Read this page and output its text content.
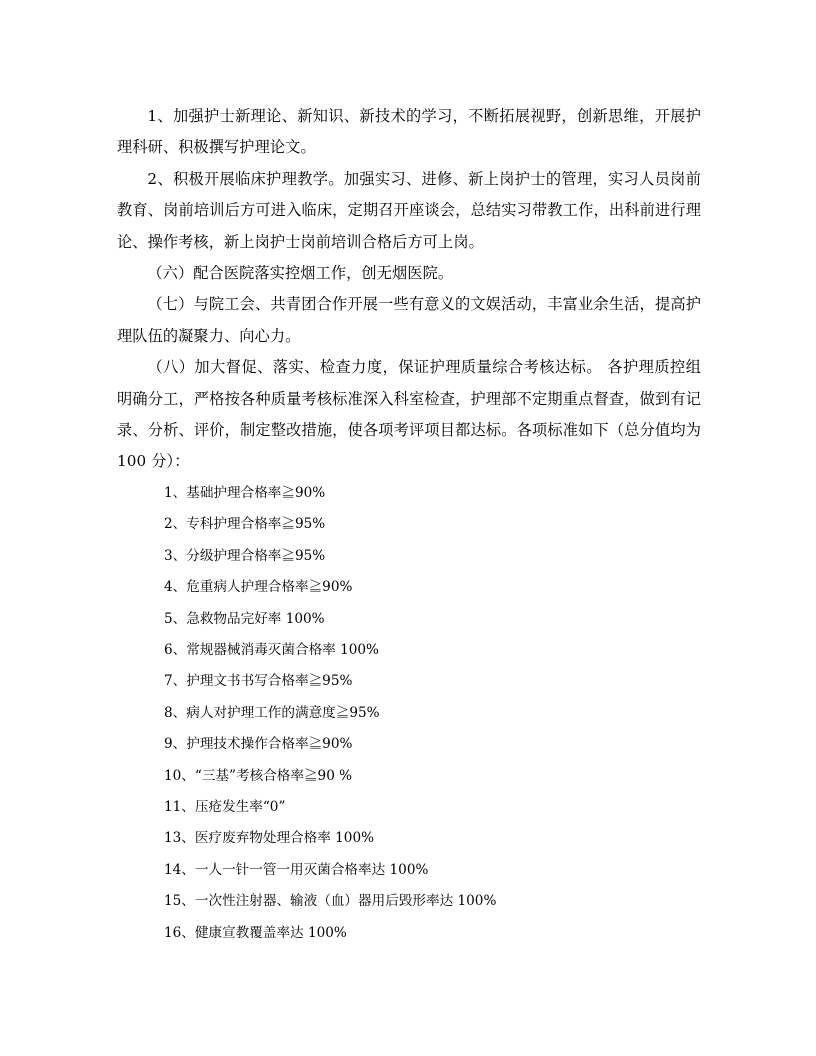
1、加强护士新理论、新知识、新技术的学习，不断拓展视野，创新思维，开展护理科研、积极撰写护理论文。

2、积极开展临床护理教学。加强实习、进修、新上岗护士的管理，实习人员岗前教育、岗前培训后方可进入临床，定期召开座谈会，总结实习带教工作，出科前进行理论、操作考核，新上岗护士岗前培训合格后方可上岗。

（六）配合医院落实控烟工作，创无烟医院。

（七）与院工会、共青团合作开展一些有意义的文娱活动，丰富业余生活，提高护理队伍的凝聚力、向心力。

（八）加大督促、落实、检查力度，保证护理质量综合考核达标。 各护理质控组明确分工，严格按各种质量考核标准深入科室检查，护理部不定期重点督查，做到有记录、分析、评价，制定整改措施，使各项考评项目都达标。各项标准如下（总分值均为 100 分）：

1、基础护理合格率≧90%
2、专科护理合格率≧95%
3、分级护理合格率≧95%
4、危重病人护理合格率≧90%
5、急救物品完好率 100%
6、常规器械消毒灭菌合格率 100%
7、护理文书书写合格率≧95%
8、病人对护理工作的满意度≧95%
9、护理技术操作合格率≧90%
10、“三基”考核合格率≧90 %
11、压疮发生率“0”
13、医疗废弃物处理合格率 100%
14、一人一针一管一用灭菌合格率达 100%
15、一次性注射器、输液（血）器用后毁形率达 100%
16、健康宣教覆盖率达 100%
